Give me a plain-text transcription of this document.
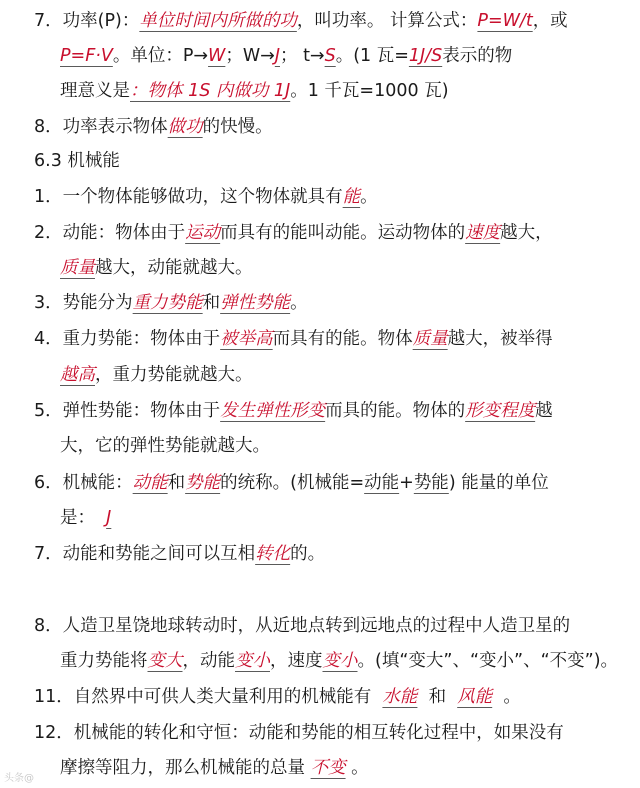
7．功率(P)：单位时间内所做的功，叫功率。 计算公式：P=W/t，或
P=F·V。单位：P→W；W→J； t→S。(1 瓦=1J/S表示的物
理意义是：物体 1S 内做功 1J。1 千瓦=1000 瓦)
8．功率表示物体做功的快慢。
6.3 机械能
1．一个物体能够做功，这个物体就具有能。
2．动能：物体由于运动而具有的能叫动能。运动物体的速度越大，
质量越大，动能就越大。
3．势能分为重力势能和弹性势能。
4．重力势能：物体由于被举高而具有的能。物体质量越大，被举得
越高，重力势能就越大。
5．弹性势能：物体由于发生弹性形变而具的能。物体的形变程度越
大，它的弹性势能就越大。
6．机械能：动能和势能的统称。(机械能=动能+势能) 能量的单位
是： J
7．动能和势能之间可以互相转化的。
8．人造卫星饶地球转动时，从近地点转到远地点的过程中人造卫星的
重力势能将变大，动能变小，速度变小。(填“变大”、“变小”、“不变”)。
11．自然界中可供人类大量利用的机械能有 水能 和 风能 。
12．机械能的转化和守恒：动能和势能的相互转化过程中，如果没有
摩擦等阻力，那么机械能的总量 不变 。
头条@
